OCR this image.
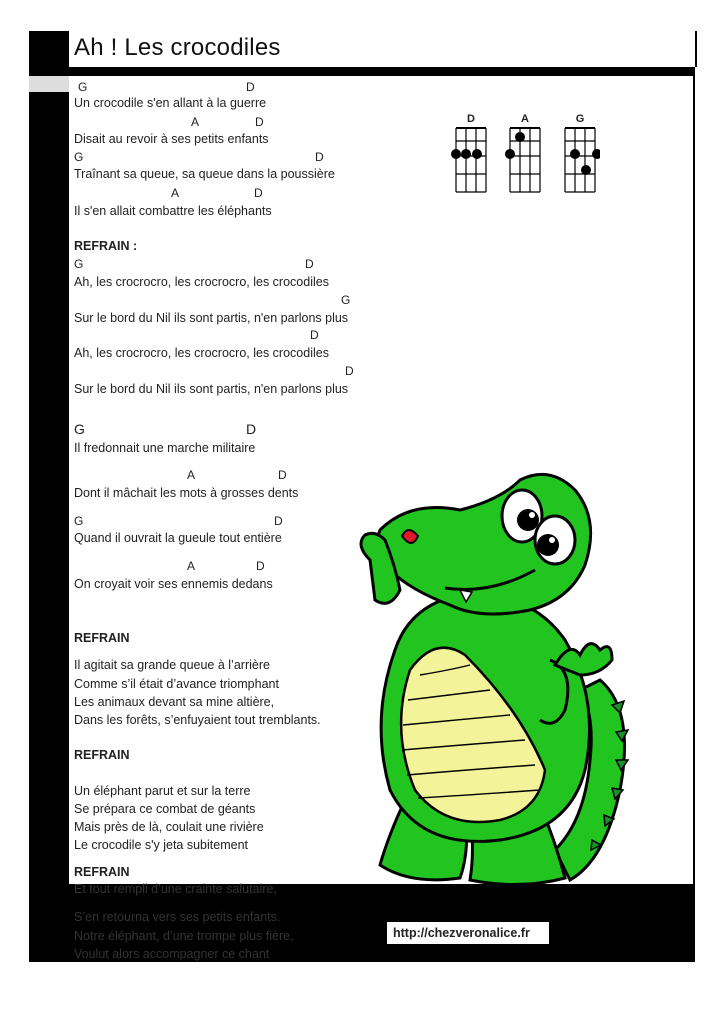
Ah ! Les crocodiles
G	D
Un crocodile s'en allant à la guerre
A	D
Disait au revoir à ses petits enfants
G	D
Traînant sa queue, sa queue dans la poussière
A	D
Il s'en allait combattre les éléphants
REFRAIN :
G	D
Ah, les crocrocro, les crocrocro, les crocodiles
G
Sur le bord du Nil ils sont partis, n'en parlons plus
D
Ah, les crocrocro, les crocrocro, les crocodiles
D
Sur le bord du Nil ils sont partis, n'en parlons plus
G	D
Il fredonnait une marche militaire
A	D
Dont il mâchait les mots à grosses dents
G	D
Quand il ouvrait la gueule tout entière
A	D
On croyait voir ses ennemis dedans
REFRAIN
Il agitait sa grande queue à l’arrière
Comme s’il était d’avance triomphant
Les animaux devant sa mine altière,
Dans les forêts, s’enfuyaient tout tremblants.
REFRAIN
Un éléphant parut et sur la terre
Se prépara ce combat de géants
Mais près de là, coulait une rivière
Le crocodile s'y jeta subitement
REFRAIN
Et tout rempli d’une crainte salutaire,
S’en retourna vers ses petits enfants.
Notre éléphant, d’une trompe plus fière,
Voulut alors accompagner ce chant
D	A	G
http://chezveronalice.fr
